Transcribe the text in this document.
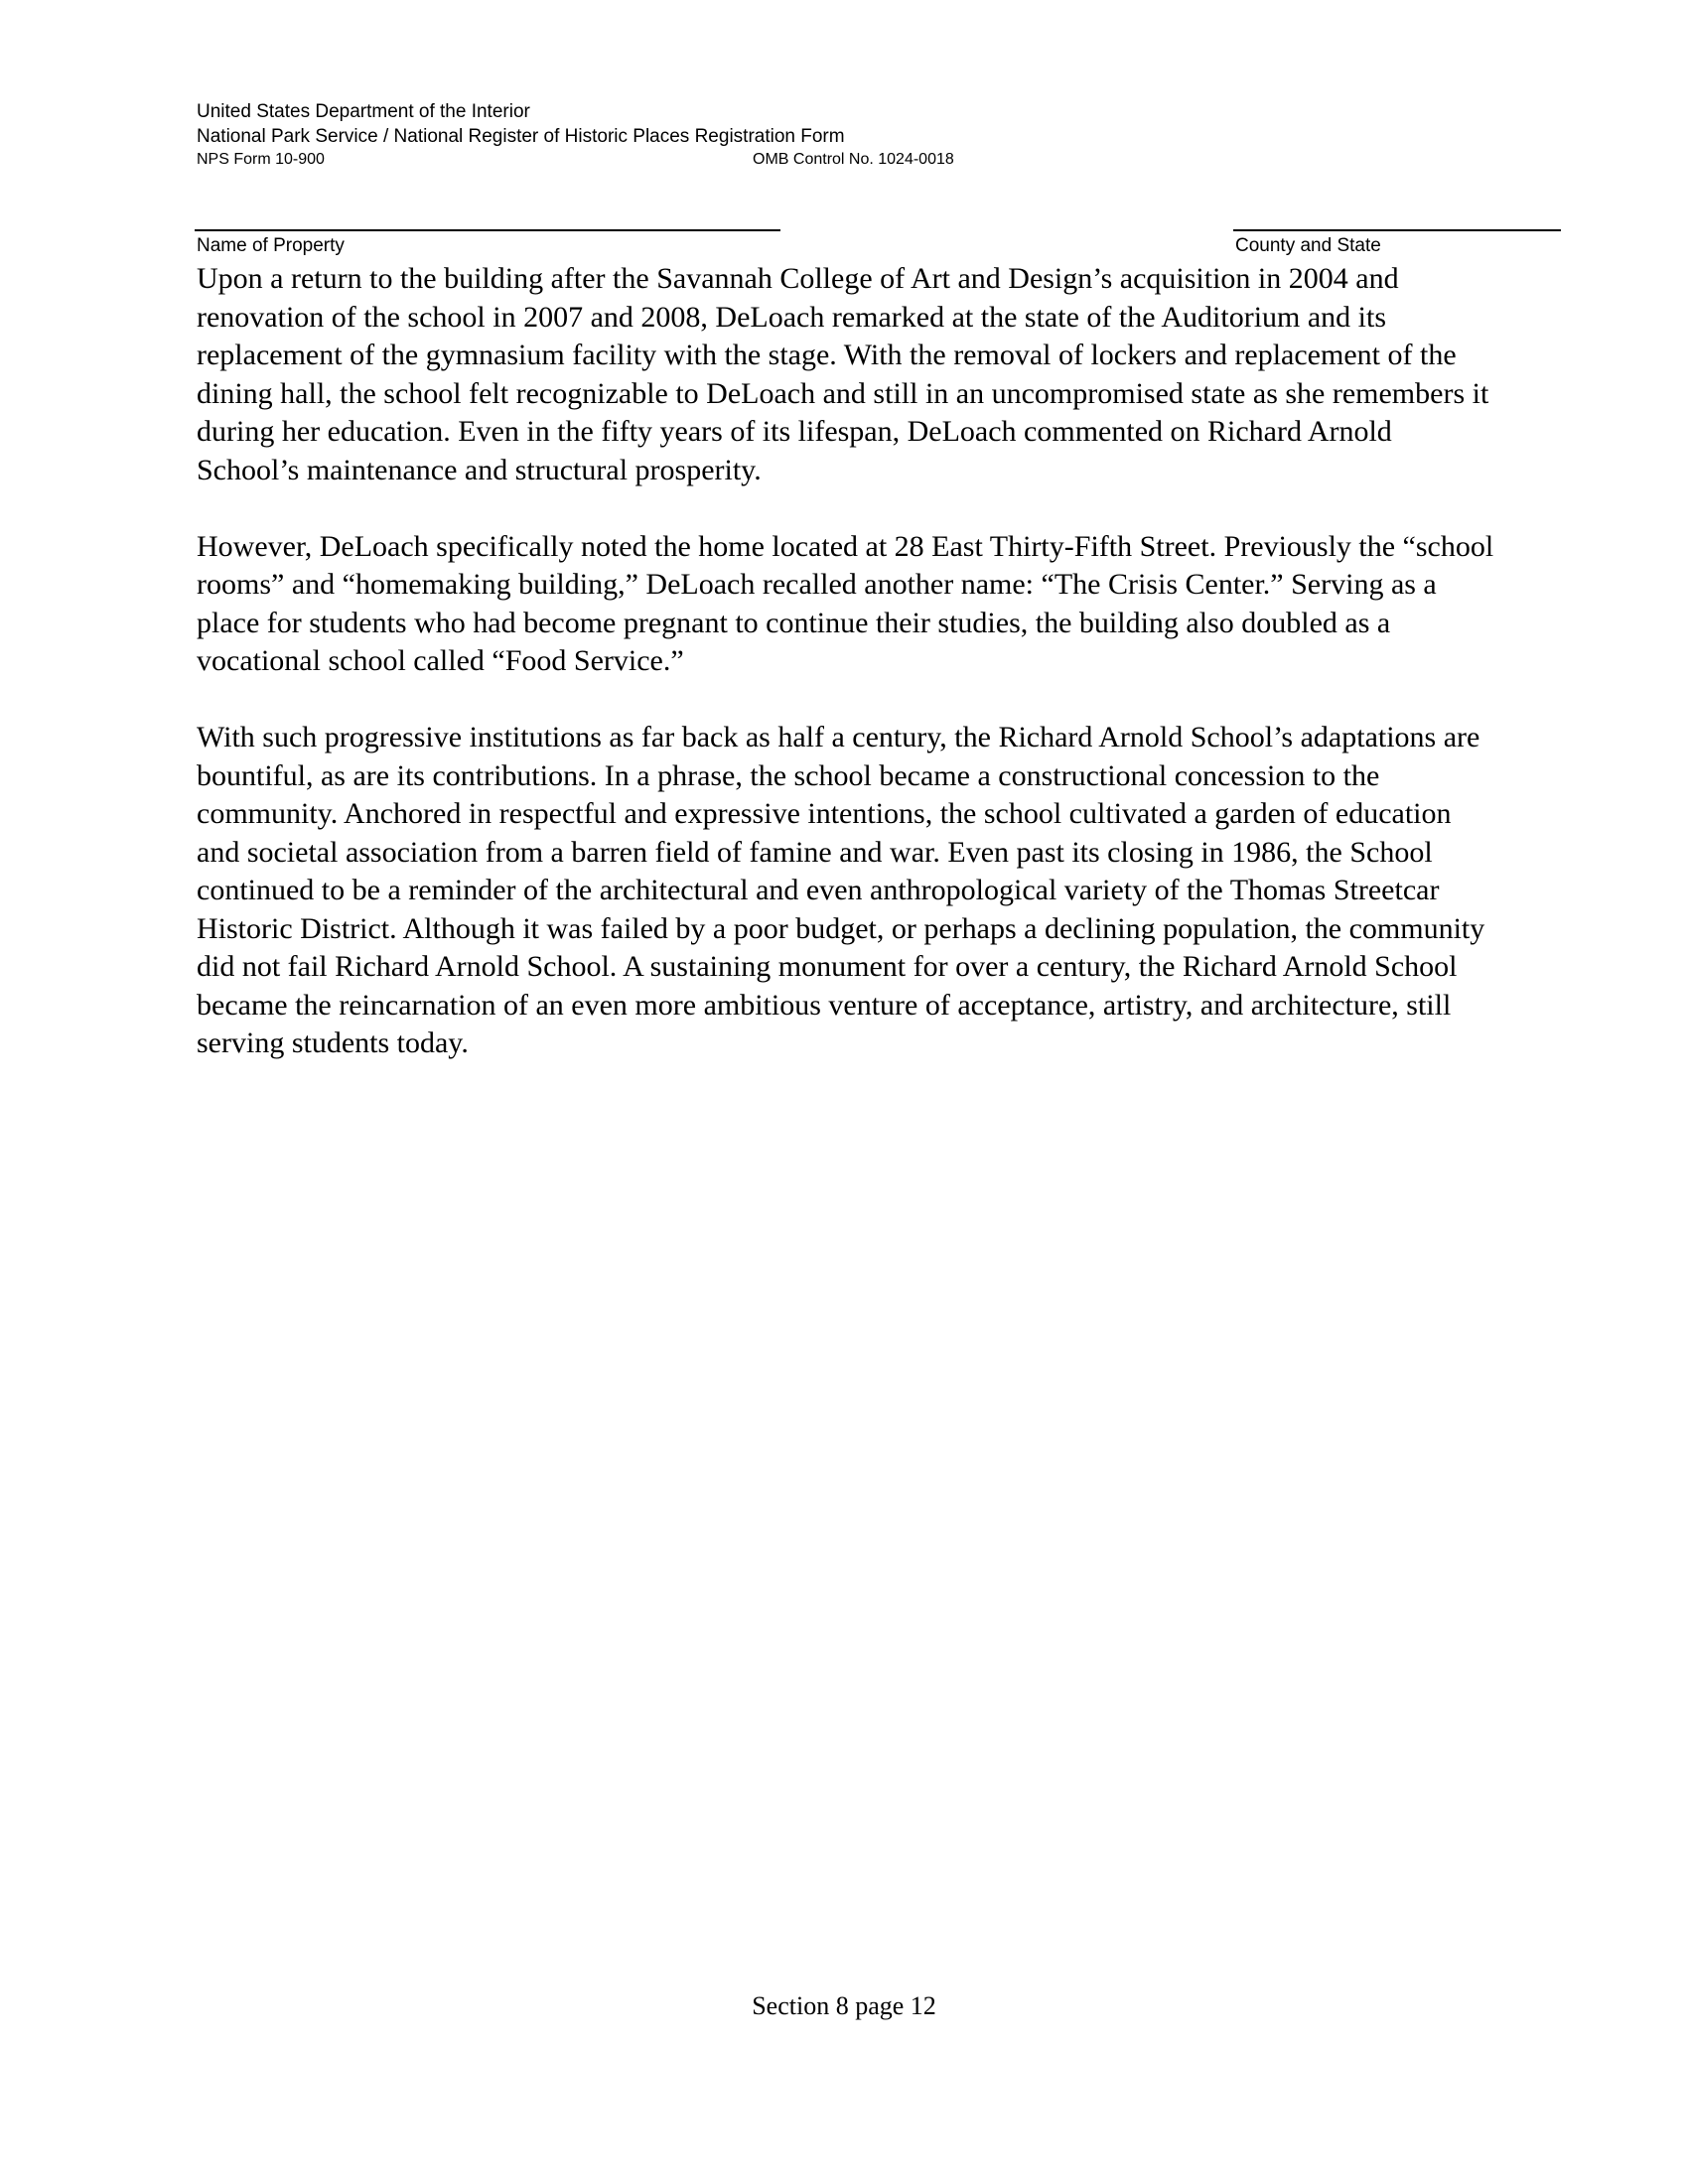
United States Department of the Interior
National Park Service / National Register of Historic Places Registration Form
NPS Form 10-900	OMB Control No. 1024-0018
Name of Property	County and State

Upon a return to the building after the Savannah College of Art and Design’s acquisition in 2004 and renovation of the school in 2007 and 2008, DeLoach remarked at the state of the Auditorium and its replacement of the gymnasium facility with the stage. With the removal of lockers and replacement of the dining hall, the school felt recognizable to DeLoach and still in an uncompromised state as she remembers it during her education. Even in the fifty years of its lifespan, DeLoach commented on Richard Arnold School’s maintenance and structural prosperity.

However, DeLoach specifically noted the home located at 28 East Thirty-Fifth Street. Previously the “school rooms” and “homemaking building,” DeLoach recalled another name: “The Crisis Center.” Serving as a place for students who had become pregnant to continue their studies, the building also doubled as a vocational school called “Food Service.”

With such progressive institutions as far back as half a century, the Richard Arnold School’s adaptations are bountiful, as are its contributions. In a phrase, the school became a constructional concession to the community. Anchored in respectful and expressive intentions, the school cultivated a garden of education and societal association from a barren field of famine and war. Even past its closing in 1986, the School continued to be a reminder of the architectural and even anthropological variety of the Thomas Streetcar Historic District. Although it was failed by a poor budget, or perhaps a declining population, the community did not fail Richard Arnold School. A sustaining monument for over a century, the Richard Arnold School became the reincarnation of an even more ambitious venture of acceptance, artistry, and architecture, still serving students today.

Section 8 page 12
